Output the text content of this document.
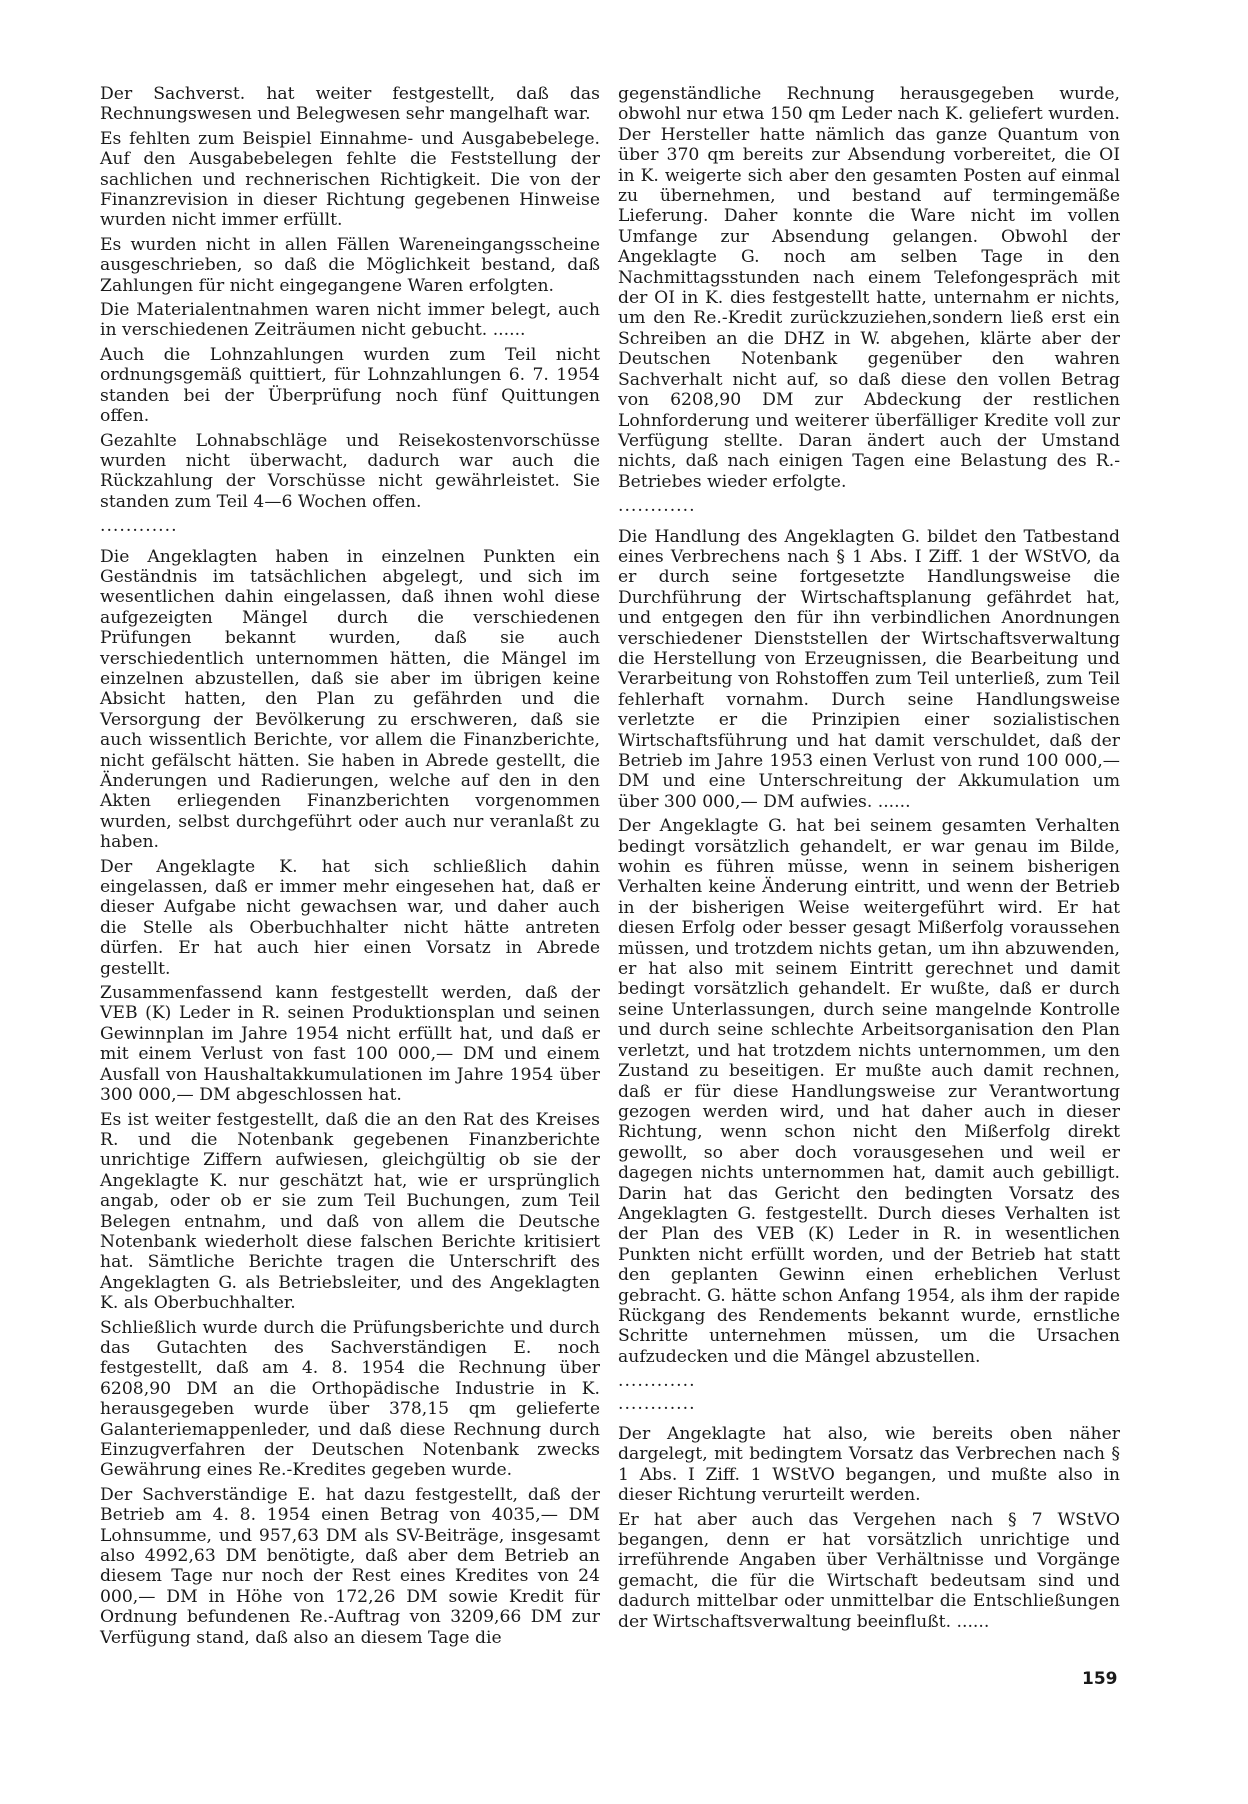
Der Sachverst. hat weiter festgestellt, daß das Rechnungswesen und Belegwesen sehr mangelhaft war.

Es fehlten zum Beispiel Einnahme- und Ausgabebelege. Auf den Ausgabebelegen fehlte die Feststellung der sachlichen und rechnerischen Richtigkeit. Die von der Finanzrevision in dieser Richtung gegebenen Hinweise wurden nicht immer erfüllt.

Es wurden nicht in allen Fällen Wareneingangsscheine ausgeschrieben, so daß die Möglichkeit bestand, daß Zahlungen für nicht eingegangene Waren erfolgten.

Die Materialentnahmen waren nicht immer belegt, auch in verschiedenen Zeiträumen nicht gebucht. ......

Auch die Lohnzahlungen wurden zum Teil nicht ordnungsgemäß quittiert, für Lohnzahlungen 6. 7. 1954 standen bei der Überprüfung noch fünf Quittungen offen.

Gezahlte Lohnabschläge und Reisekostenvorschüsse wurden nicht überwacht, dadurch war auch die Rückzahlung der Vorschüsse nicht gewährleistet. Sie standen zum Teil 4—6 Wochen offen.

............

Die Angeklagten haben in einzelnen Punkten ein Geständnis im tatsächlichen abgelegt, und sich im wesentlichen dahin eingelassen, daß ihnen wohl diese aufgezeigten Mängel durch die verschiedenen Prüfungen bekannt wurden, daß sie auch verschiedentlich unternommen hätten, die Mängel im einzelnen abzustellen, daß sie aber im übrigen keine Absicht hatten, den Plan zu gefährden und die Versorgung der Bevölkerung zu erschweren, daß sie auch wissentlich Berichte, vor allem die Finanzberichte, nicht gefälscht hätten. Sie haben in Abrede gestellt, die Änderungen und Radierungen, welche auf den in den Akten erliegenden Finanzberichten vorgenommen wurden, selbst durchgeführt oder auch nur veranlaßt zu haben.

Der Angeklagte K. hat sich schließlich dahin eingelassen, daß er immer mehr eingesehen hat, daß er dieser Aufgabe nicht gewachsen war, und daher auch die Stelle als Oberbuchhalter nicht hätte antreten dürfen. Er hat auch hier einen Vorsatz in Abrede gestellt.

Zusammenfassend kann festgestellt werden, daß der VEB (K) Leder in R. seinen Produktionsplan und seinen Gewinnplan im Jahre 1954 nicht erfüllt hat, und daß er mit einem Verlust von fast 100 000,— DM und einem Ausfall von Haushaltakkumulationen im Jahre 1954 über 300 000,— DM abgeschlossen hat.

Es ist weiter festgestellt, daß die an den Rat des Kreises R. und die Notenbank gegebenen Finanzberichte unrichtige Ziffern aufwiesen, gleichgültig ob sie der Angeklagte K. nur geschätzt hat, wie er ursprünglich angab, oder ob er sie zum Teil Buchungen, zum Teil Belegen entnahm, und daß von allem die Deutsche Notenbank wiederholt diese falschen Berichte kritisiert hat. Sämtliche Berichte tragen die Unterschrift des Angeklagten G. als Betriebsleiter, und des Angeklagten K. als Oberbuchhalter.

Schließlich wurde durch die Prüfungsberichte und durch das Gutachten des Sachverständigen E. noch festgestellt, daß am 4. 8. 1954 die Rechnung über 6208,90 DM an die Orthopädische Industrie in K. herausgegeben wurde über 378,15 qm gelieferte Galanteriemappenleder, und daß diese Rechnung durch Einzugverfahren der Deutschen Notenbank zwecks Gewährung eines Re.-Kredites gegeben wurde.

Der Sachverständige E. hat dazu festgestellt, daß der Betrieb am 4. 8. 1954 einen Betrag von 4035,— DM Lohnsumme, und 957,63 DM als SV-Beiträge, insgesamt also 4992,63 DM benötigte, daß aber dem Betrieb an diesem Tage nur noch der Rest eines Kredites von 24 000,— DM in Höhe von 172,26 DM sowie Kredit für Ordnung befundenen Re.-Auftrag von 3209,66 DM zur Verfügung stand, daß also an diesem Tage die

gegenständliche Rechnung herausgegeben wurde, obwohl nur etwa 150 qm Leder nach K. geliefert wurden. Der Hersteller hatte nämlich das ganze Quantum von über 370 qm bereits zur Absendung vorbereitet, die OI in K. weigerte sich aber den gesamten Posten auf einmal zu übernehmen, und bestand auf termingemäße Lieferung. Daher konnte die Ware nicht im vollen Umfange zur Absendung gelangen. Obwohl der Angeklagte G. noch am selben Tage in den Nachmittagsstunden nach einem Telefongespräch mit der OI in K. dies festgestellt hatte, unternahm er nichts, um den Re.-Kredit zurückzuziehen,sondern ließ erst ein Schreiben an die DHZ in W. abgehen, klärte aber der Deutschen Notenbank gegenüber den wahren Sachverhalt nicht auf, so daß diese den vollen Betrag von 6208,90 DM zur Abdeckung der restlichen Lohnforderung und weiterer überfälliger Kredite voll zur Verfügung stellte. Daran ändert auch der Umstand nichts, daß nach einigen Tagen eine Belastung des R.-Betriebes wieder erfolgte.

............

Die Handlung des Angeklagten G. bildet den Tatbestand eines Verbrechens nach § 1 Abs. I Ziff. 1 der WStVO, da er durch seine fortgesetzte Handlungsweise die Durchführung der Wirtschaftsplanung gefährdet hat, und entgegen den für ihn verbindlichen Anordnungen verschiedener Dienststellen der Wirtschaftsverwaltung die Herstellung von Erzeugnissen, die Bearbeitung und Verarbeitung von Rohstoffen zum Teil unterließ, zum Teil fehlerhaft vornahm. Durch seine Handlungsweise verletzte er die Prinzipien einer sozialistischen Wirtschaftsführung und hat damit verschuldet, daß der Betrieb im Jahre 1953 einen Verlust von rund 100 000,— DM und eine Unterschreitung der Akkumulation um über 300 000,— DM aufwies. ......

Der Angeklagte G. hat bei seinem gesamten Verhalten bedingt vorsätzlich gehandelt, er war genau im Bilde, wohin es führen müsse, wenn in seinem bisherigen Verhalten keine Änderung eintritt, und wenn der Betrieb in der bisherigen Weise weitergeführt wird. Er hat diesen Erfolg oder besser gesagt Mißerfolg voraussehen müssen, und trotzdem nichts getan, um ihn abzuwenden, er hat also mit seinem Eintritt gerechnet und damit bedingt vorsätzlich gehandelt. Er wußte, daß er durch seine Unterlassungen, durch seine mangelnde Kontrolle und durch seine schlechte Arbeitsorganisation den Plan verletzt, und hat trotzdem nichts unternommen, um den Zustand zu beseitigen. Er mußte auch damit rechnen, daß er für diese Handlungsweise zur Verantwortung gezogen werden wird, und hat daher auch in dieser Richtung, wenn schon nicht den Mißerfolg direkt gewollt, so aber doch vorausgesehen und weil er dagegen nichts unternommen hat, damit auch gebilligt. Darin hat das Gericht den bedingten Vorsatz des Angeklagten G. festgestellt. Durch dieses Verhalten ist der Plan des VEB (K) Leder in R. in wesentlichen Punkten nicht erfüllt worden, und der Betrieb hat statt den geplanten Gewinn einen erheblichen Verlust gebracht. G. hätte schon Anfang 1954, als ihm der rapide Rückgang des Rendements bekannt wurde, ernstliche Schritte unternehmen müssen, um die Ursachen aufzudecken und die Mängel abzustellen.

............

............

Der Angeklagte hat also, wie bereits oben näher dargelegt, mit bedingtem Vorsatz das Verbrechen nach § 1 Abs. I Ziff. 1 WStVO begangen, und mußte also in dieser Richtung verurteilt werden.

Er hat aber auch das Vergehen nach § 7 WStVO begangen, denn er hat vorsätzlich unrichtige und irreführende Angaben über Verhältnisse und Vorgänge gemacht, die für die Wirtschaft bedeutsam sind und dadurch mittelbar oder unmittelbar die Entschließungen der Wirtschaftsverwaltung beeinflußt. ......

159
